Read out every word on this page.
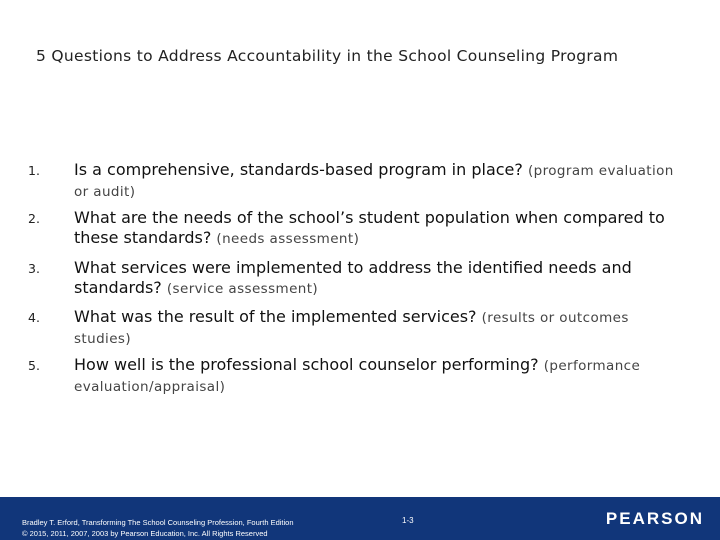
5 Questions to Address Accountability in the School Counseling Program
1.	Is a comprehensive, standards-based program in place? (program evaluation or audit)
2.	What are the needs of the school’s student population when compared to these standards? (needs assessment)
3.	What services were implemented to address the identified needs and standards? (service assessment)
4.	What was the result of the implemented services? (results or outcomes studies)
5.	How well is the professional school counselor performing? (performance evaluation/appraisal)
Bradley T. Erford, Transforming The School Counseling Profession, Fourth Edition
© 2015, 2011, 2007, 2003 by Pearson Education, Inc. All Rights Reserved
1-3	PEARSON
